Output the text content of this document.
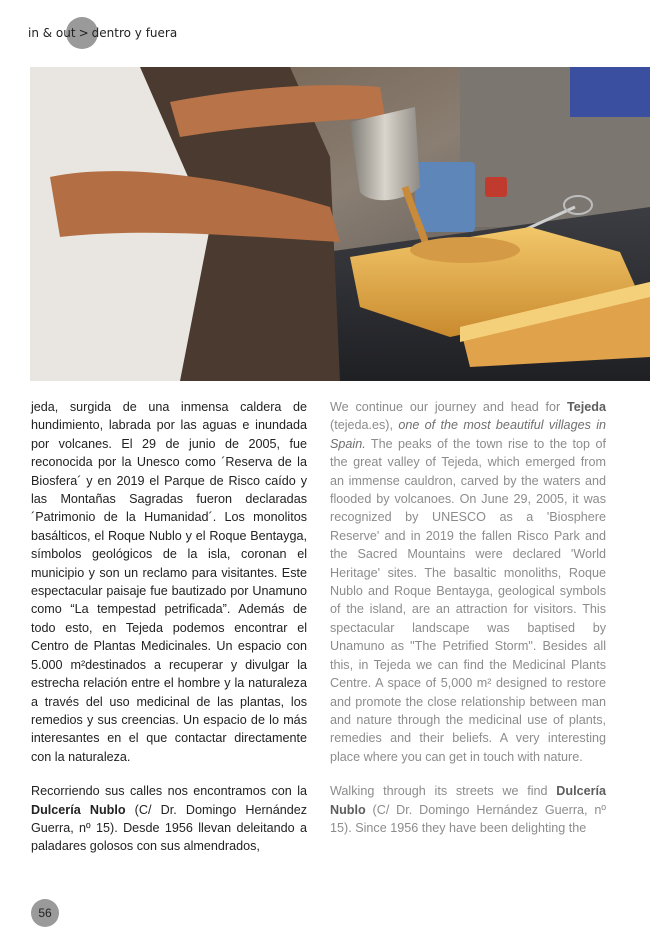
in & out > dentro y fuera

jeda, surgida de una inmensa caldera de hundimiento, labrada por las aguas e inundada por volcanes. El 29 de junio de 2005, fue reconocida por la Unesco como ´Reserva de la Biosfera´ y en 2019 el Parque de Risco caído y las Montañas Sagradas fueron declaradas ´Patrimonio de la Humanidad´. Los monolitos basálticos, el Roque Nublo y el Roque Bentayga, símbolos geológicos de la isla, coronan el municipio y son un reclamo para visitantes. Este espectacular paisaje fue bautizado por Unamuno como “La tempestad petrificada”. Además de todo esto, en Tejeda podemos encontrar el Centro de Plantas Medicinales. Un espacio con 5.000 m²destinados a recuperar y divulgar la estrecha relación entre el hombre y la naturaleza a través del uso medicinal de las plantas, los remedios y sus creencias. Un espacio de lo más interesantes en el que contactar directamente con la naturaleza.

Recorriendo sus calles nos encontramos con la Dulcería Nublo (C/ Dr. Domingo Hernández Guerra, nº 15). Desde 1956 llevan deleitando a paladares golosos con sus almendrados,

We continue our journey and head for Tejeda (tejeda.es), one of the most beautiful villages in Spain. The peaks of the town rise to the top of the great valley of Tejeda, which emerged from an immense cauldron, carved by the waters and flooded by volcanoes. On June 29, 2005, it was recognized by UNESCO as a 'Biosphere Reserve' and in 2019 the fallen Risco Park and the Sacred Mountains were declared 'World Heritage' sites. The basaltic monoliths, Roque Nublo and Roque Bentayga, geological symbols of the island, are an attraction for visitors. This spectacular landscape was baptised by Unamuno as "The Petrified Storm". Besides all this, in Tejeda we can find the Medicinal Plants Centre. A space of 5,000 m² designed to restore and promote the close relationship between man and nature through the medicinal use of plants, remedies and their beliefs. A very interesting place where you can get in touch with nature.

Walking through its streets we find Dulcería Nublo (C/ Dr. Domingo Hernández Guerra, nº 15). Since 1956 they have been delighting the

56
